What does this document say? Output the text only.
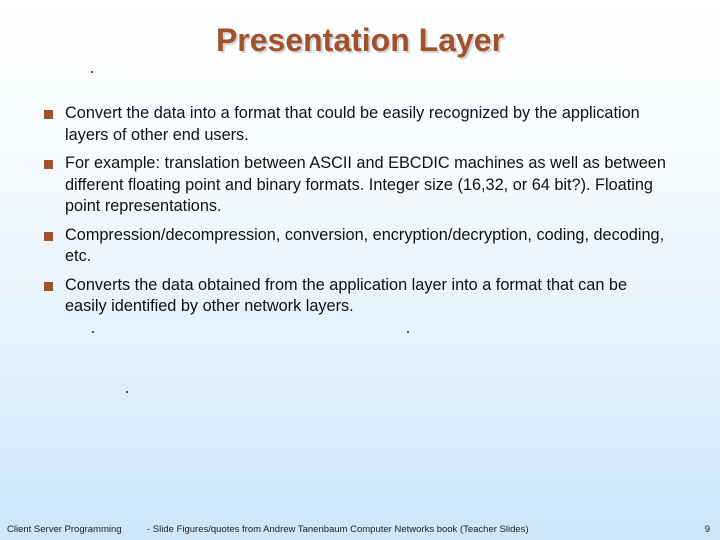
Presentation Layer
Convert the data into a format that could be easily recognized by the application layers of other end users.
For example: translation between ASCII and EBCDIC machines as well as between different floating point and binary formats. Integer size (16,32, or 64 bit?). Floating point representations.
Compression/decompression, conversion, encryption/decryption, coding, decoding, etc.
Converts the data obtained from the application layer into a format that can be easily identified by other network layers.
Client Server Programming	- Slide Figures/quotes from Andrew Tanenbaum Computer Networks book (Teacher Slides)	9
